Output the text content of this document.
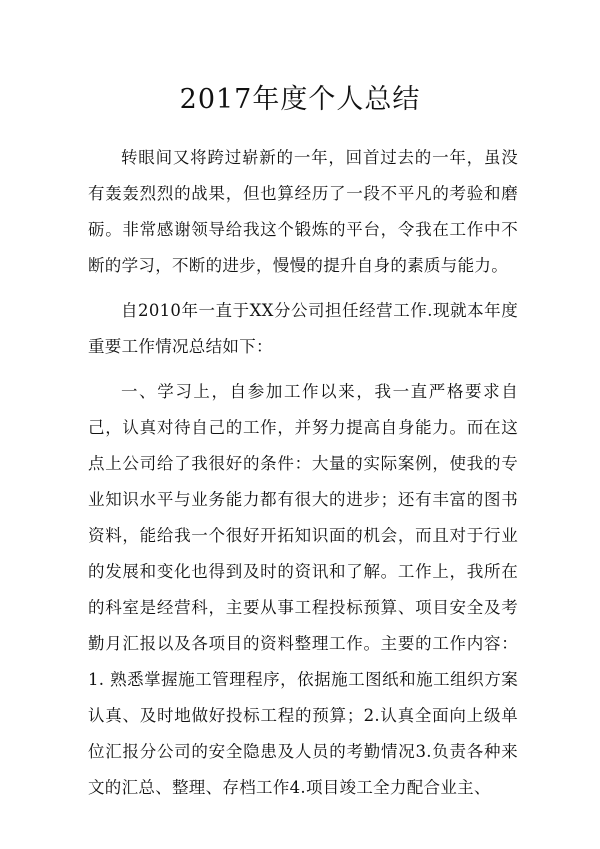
2017年度个人总结

转眼间又将跨过崭新的一年，回首过去的一年，虽没有轰轰烈烈的战果，但也算经历了一段不平凡的考验和磨砺。非常感谢领导给我这个锻炼的平台，令我在工作中不断的学习，不断的进步，慢慢的提升自身的素质与能力。

自2010年一直于XX分公司担任经营工作.现就本年度重要工作情况总结如下：

一、学习上，自参加工作以来，我一直严格要求自己，认真对待自己的工作，并努力提高自身能力。而在这点上公司给了我很好的条件：大量的实际案例，使我的专业知识水平与业务能力都有很大的进步；还有丰富的图书资料，能给我一个很好开拓知识面的机会，而且对于行业的发展和变化也得到及时的资讯和了解。工作上，我所在的科室是经营科，主要从事工程投标预算、项目安全及考勤月汇报以及各项目的资料整理工作。主要的工作内容：1. 熟悉掌握施工管理程序，依据施工图纸和施工组织方案认真、及时地做好投标工程的预算；2.认真全面向上级单位汇报分公司的安全隐患及人员的考勤情况3.负责各种来文的汇总、整理、存档工作4.项目竣工全力配合业主、
